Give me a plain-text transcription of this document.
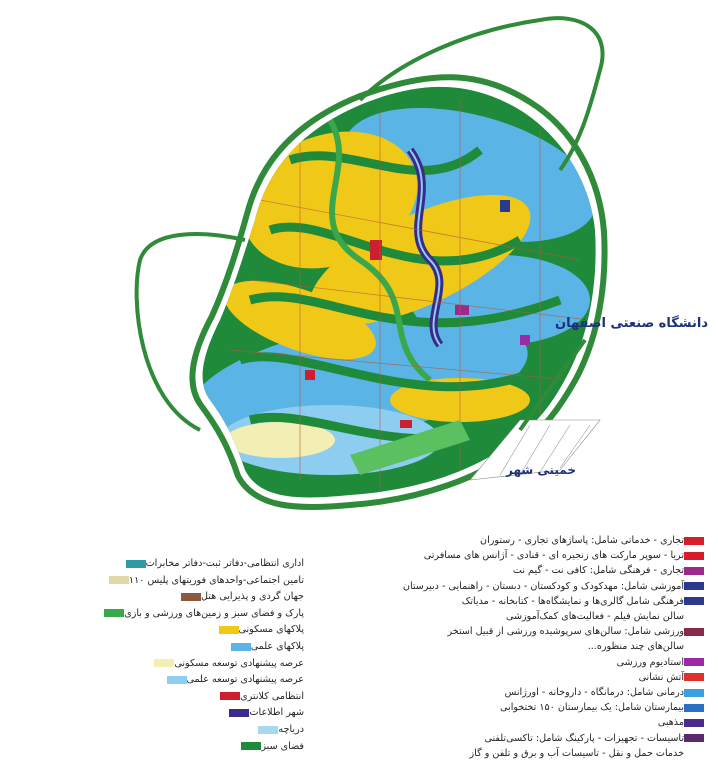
دانشگاه صنعتی اصفهان
خمینی شهر
اداری انتظامی-دفاتر ثبت-دفاتر مخابرات
تامین اجتماعی-واحدهای فوریتهای پلیس ۱۱۰
جهان گردی و پذیرایی هتل
پارک و فضای سبز و زمین‌های ورزشی و بازی
پلاکهای مسکونی
پلاکهای علمی
عرصه پیشنهادی توسعه مسکونی
عرصه پیشنهادی توسعه علمی
انتظامی کلانتری
شهر اطلاعات
دریاچه
فضای سبز
تجاری - خدماتی شامل: پاساژهای تجاری - رستوران
تریا - سوپر مارکت های زنجیره ای - قنادی - آژانس های مسافرتی
تجاری - فرهنگی شامل: کافی نت - گیم نت
آموزشی شامل: مهدکودک و کودکستان - دبستان - راهنمایی - دبیرستان
فرهنگی شامل گالری‌ها و نمایشگاه‌ها - کتابخانه - مدیاتک
سالن نمایش فیلم - فعالیت‌های کمک‌آموزشی
ورزشی شامل: سالن‌های سرپوشیده ورزشی از قبیل استخر
سالن‌های چند منظوره...
استادیوم ورزشی
آتش نشانی
درمانی شامل: درمانگاه - داروخانه - اورژانس
بیمارستان شامل: یک بیمارستان ۱۵۰ تختخوابی
مذهبی
تاسیسات - تجهیزات - پارکینگ شامل: تاکسی‌تلفنی
خدمات حمل و نقل - تاسیسات آب و برق و تلفن و گاز
